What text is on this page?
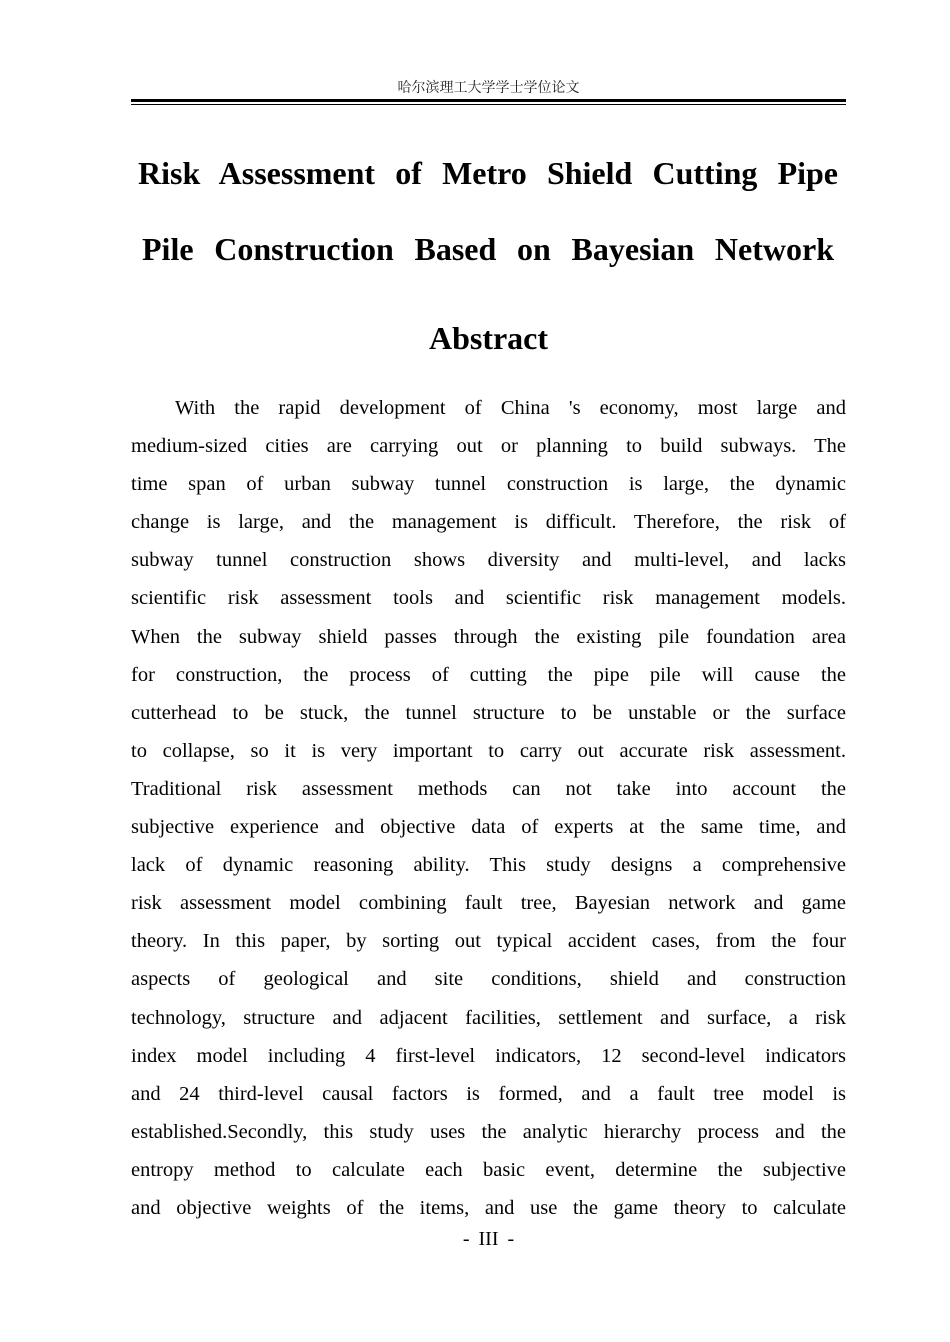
哈尔滨理工大学学士学位论文
Risk Assessment of Metro Shield Cutting Pipe
Pile Construction Based on Bayesian Network
Abstract
With the rapid development of China 's economy, most large and
medium-sized cities are carrying out or planning to build subways. The
time span of urban subway tunnel construction is large, the dynamic
change is large, and the management is difficult. Therefore, the risk of
subway tunnel construction shows diversity and multi-level, and lacks
scientific risk assessment tools and scientific risk management models.
When the subway shield passes through the existing pile foundation area
for construction, the process of cutting the pipe pile will cause the
cutterhead to be stuck, the tunnel structure to be unstable or the surface
to collapse, so it is very important to carry out accurate risk assessment.
Traditional risk assessment methods can not take into account the
subjective experience and objective data of experts at the same time, and
lack of dynamic reasoning ability. This study designs a comprehensive
risk assessment model combining fault tree, Bayesian network and game
theory. In this paper, by sorting out typical accident cases, from the four
aspects of geological and site conditions, shield and construction
technology, structure and adjacent facilities, settlement and surface, a risk
index model including 4 first-level indicators, 12 second-level indicators
and 24 third-level causal factors is formed, and a fault tree model is
established.Secondly, this study uses the analytic hierarchy process and the
entropy method to calculate each basic event, determine the subjective
and objective weights of the items, and use the game theory to calculate
- III -
